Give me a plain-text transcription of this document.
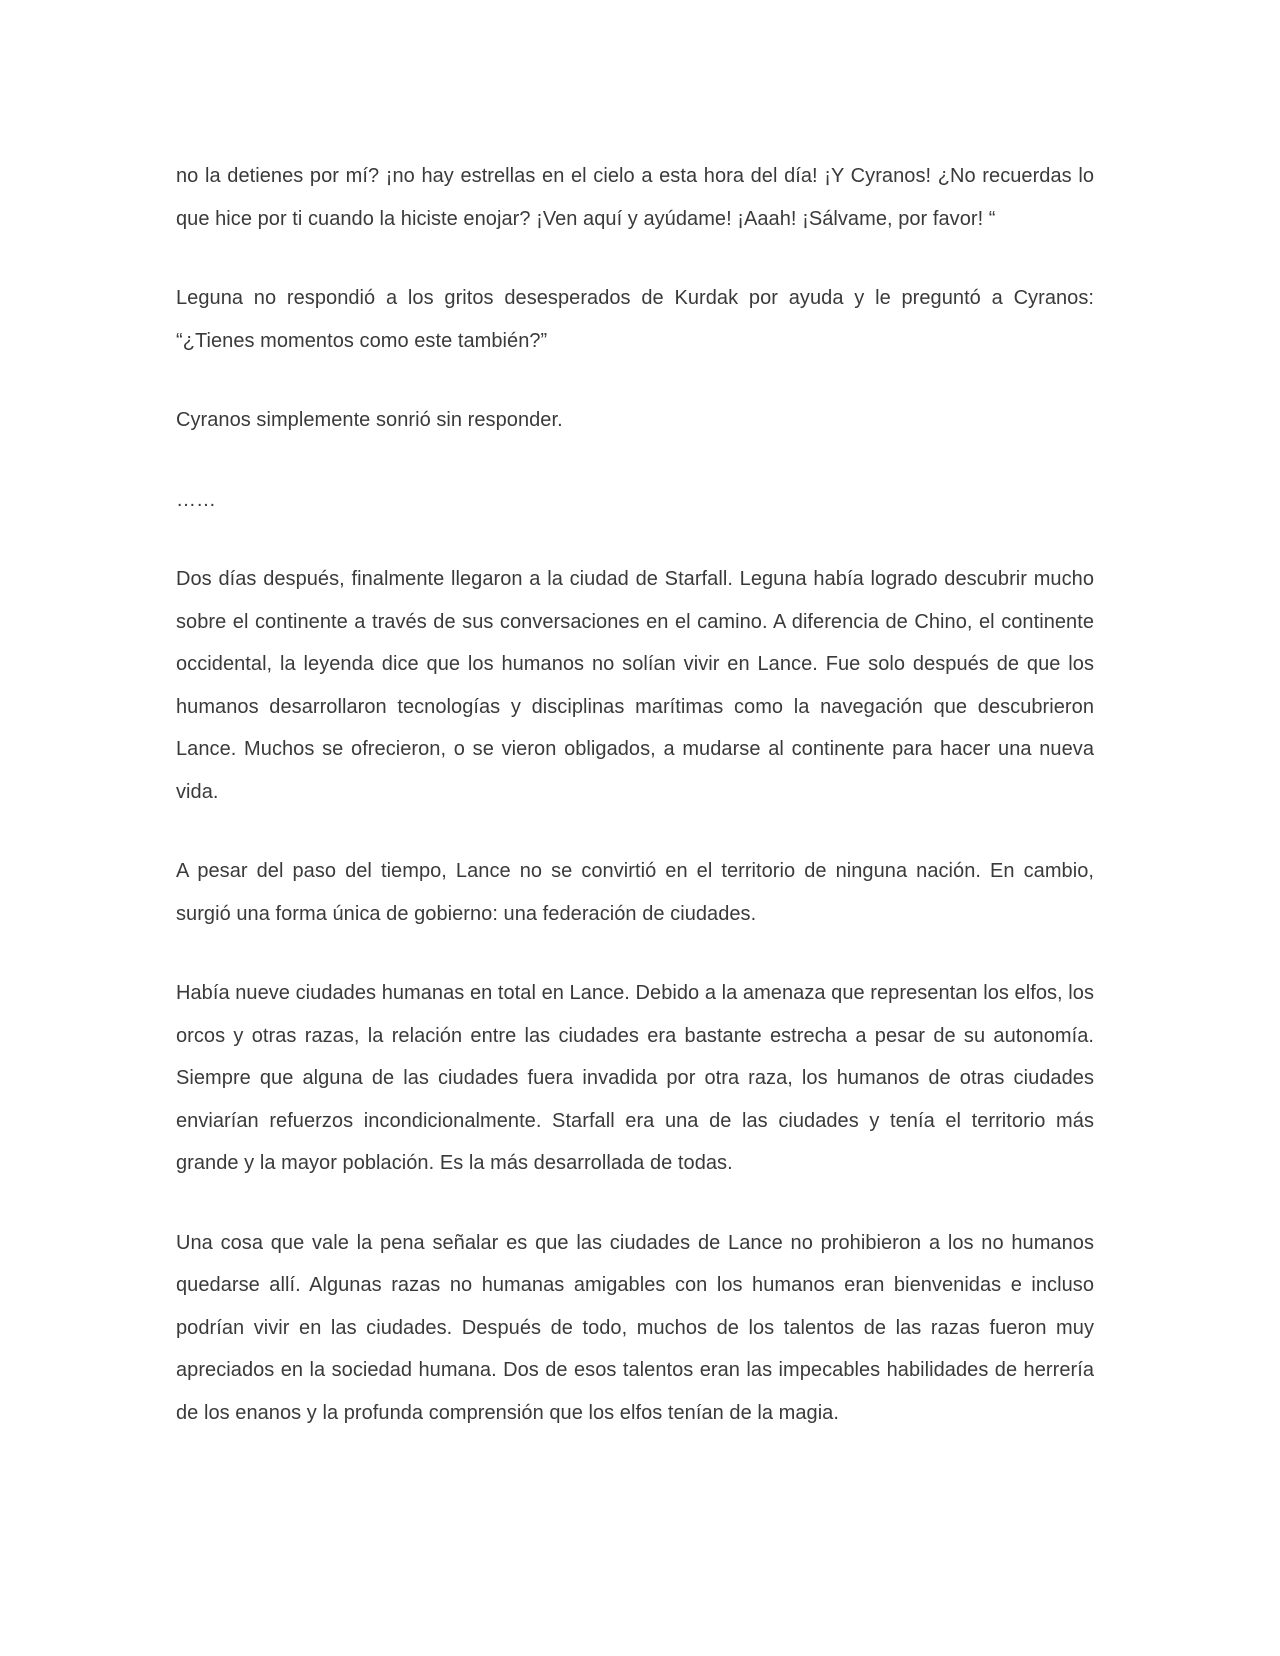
no la detienes por mí? ¡no hay estrellas en el cielo a esta hora del día! ¡Y Cyranos! ¿No recuerdas lo que hice por ti cuando la hiciste enojar? ¡Ven aquí y ayúdame! ¡Aaah! ¡Sálvame, por favor! “

Leguna no respondió a los gritos desesperados de Kurdak por ayuda y le preguntó a Cyranos: “¿Tienes momentos como este también?”

Cyranos simplemente sonrió sin responder.

……

Dos días después, finalmente llegaron a la ciudad de Starfall. Leguna había logrado descubrir mucho sobre el continente a través de sus conversaciones en el camino. A diferencia de Chino, el continente occidental, la leyenda dice que los humanos no solían vivir en Lance. Fue solo después de que los humanos desarrollaron tecnologías y disciplinas marítimas como la navegación que descubrieron Lance. Muchos se ofrecieron, o se vieron obligados, a mudarse al continente para hacer una nueva vida.

A pesar del paso del tiempo, Lance no se convirtió en el territorio de ninguna nación. En cambio, surgió una forma única de gobierno: una federación de ciudades.

Había nueve ciudades humanas en total en Lance. Debido a la amenaza que representan los elfos, los orcos y otras razas, la relación entre las ciudades era bastante estrecha a pesar de su autonomía. Siempre que alguna de las ciudades fuera invadida por otra raza, los humanos de otras ciudades enviarían refuerzos incondicionalmente. Starfall era una de las ciudades y tenía el territorio más grande y la mayor población. Es la más desarrollada de todas.

Una cosa que vale la pena señalar es que las ciudades de Lance no prohibieron a los no humanos quedarse allí. Algunas razas no humanas amigables con los humanos eran bienvenidas e incluso podrían vivir en las ciudades. Después de todo, muchos de los talentos de las razas fueron muy apreciados en la sociedad humana. Dos de esos talentos eran las impecables habilidades de herrería de los enanos y la profunda comprensión que los elfos tenían de la magia.
